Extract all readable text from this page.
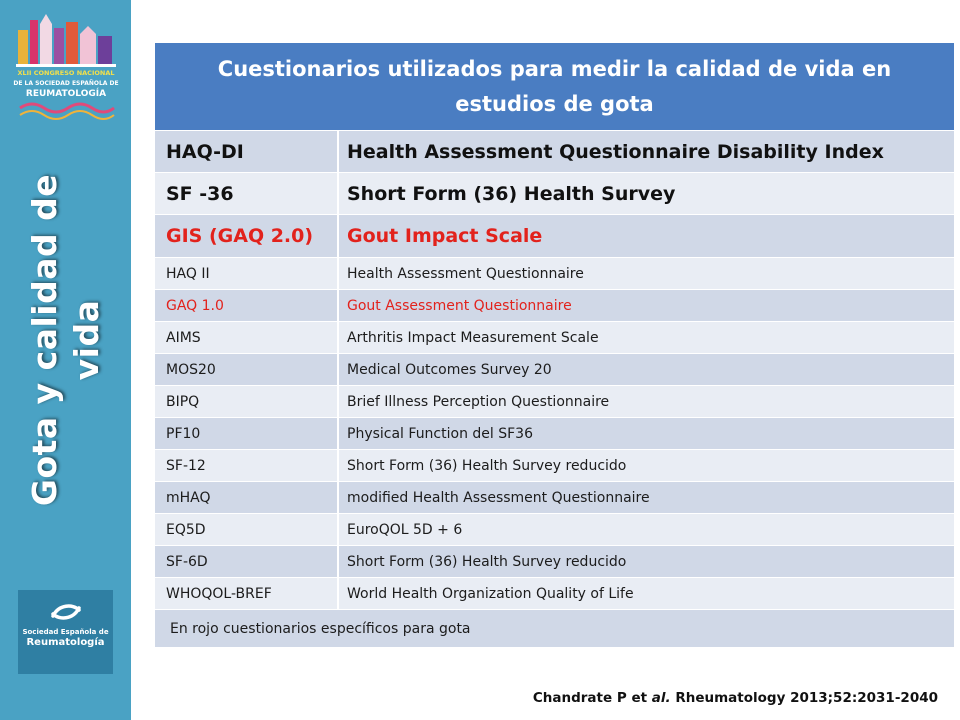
XLII CONGRESO NACIONAL
DE LA SOCIEDAD ESPAÑOLA DE
REUMATOLOGÍA
Gota y calidad de vida
Sociedad Española de
Reumatología
Cuestionarios utilizados para medir la calidad de vida en estudios de gota
HAQ-DI	Health Assessment Questionnaire Disability Index
SF -36	Short Form (36) Health Survey
GIS (GAQ 2.0)	Gout Impact Scale
HAQ II	Health Assessment Questionnaire
GAQ 1.0	Gout Assessment Questionnaire
AIMS	Arthritis Impact Measurement Scale
MOS20	Medical Outcomes Survey 20
BIPQ	Brief Illness Perception Questionnaire
PF10	Physical Function del SF36
SF-12	Short Form (36) Health Survey reducido
mHAQ	modified Health Assessment Questionnaire
EQ5D	EuroQOL 5D + 6
SF-6D	Short Form (36) Health Survey reducido
WHOQOL-BREF	World Health Organization Quality of Life
En rojo cuestionarios específicos para gota
Chandrate P et al. Rheumatology 2013;52:2031-2040
